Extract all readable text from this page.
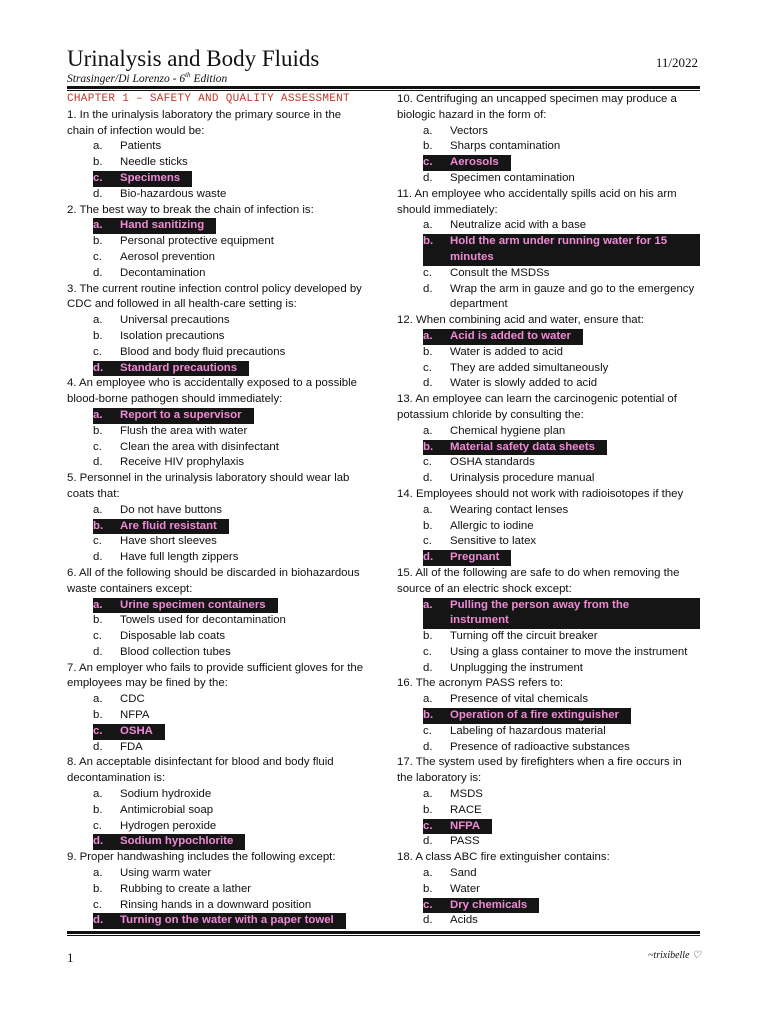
Urinalysis and Body Fluids	11/2022
Strasinger/Di Lorenzo - 6th Edition
CHAPTER 1 – SAFETY AND QUALITY ASSESSMENT
1. In the urinalysis laboratory the primary source in the chain of infection would be:
a.	Patients
b.	Needle sticks
c.	Specimens
d.	Bio-hazardous waste
2. The best way to break the chain of infection is:
a.	Hand sanitizing
b.	Personal protective equipment
c.	Aerosol prevention
d.	Decontamination
3. The current routine infection control policy developed by CDC and followed in all health-care setting is:
a.	Universal precautions
b.	Isolation precautions
c.	Blood and body fluid precautions
d.	Standard precautions
4. An employee who is accidentally exposed to a possible blood-borne pathogen should immediately:
a.	Report to a supervisor
b.	Flush the area with water
c.	Clean the area with disinfectant
d.	Receive HIV prophylaxis
5. Personnel in the urinalysis laboratory should wear lab coats that:
a.	Do not have buttons
b.	Are fluid resistant
c.	Have short sleeves
d.	Have full length zippers
6. All of the following should be discarded in biohazardous waste containers except:
a.	Urine specimen containers
b.	Towels used for decontamination
c.	Disposable lab coats
d.	Blood collection tubes
7. An employer who fails to provide sufficient gloves for the employees may be fined by the:
a.	CDC
b.	NFPA
c.	OSHA
d.	FDA
8. An acceptable disinfectant for blood and body fluid decontamination is:
a.	Sodium hydroxide
b.	Antimicrobial soap
c.	Hydrogen peroxide
d.	Sodium hypochlorite
9. Proper handwashing includes the following except:
a.	Using warm water
b.	Rubbing to create a lather
c.	Rinsing hands in a downward position
d.	Turning on the water with a paper towel
10. Centrifuging an uncapped specimen may produce a biologic hazard in the form of:
a.	Vectors
b.	Sharps contamination
c.	Aerosols
d.	Specimen contamination
11. An employee who accidentally spills acid on his arm should immediately:
a.	Neutralize acid with a base
b.	Hold the arm under running water for 15 minutes
c.	Consult the MSDSs
d.	Wrap the arm in gauze and go to the emergency department
12. When combining acid and water, ensure that:
a.	Acid is added to water
b.	Water is added to acid
c.	They are added simultaneously
d.	Water is slowly added to acid
13. An employee can learn the carcinogenic potential of potassium chloride by consulting the:
a.	Chemical hygiene plan
b.	Material safety data sheets
c.	OSHA standards
d.	Urinalysis procedure manual
14. Employees should not work with radioisotopes if they
a.	Wearing contact lenses
b.	Allergic to iodine
c.	Sensitive to latex
d.	Pregnant
15. All of the following are safe to do when removing the source of an electric shock except:
a.	Pulling the person away from the instrument
b.	Turning off the circuit breaker
c.	Using a glass container to move the instrument
d.	Unplugging the instrument
16. The acronym PASS refers to:
a.	Presence of vital chemicals
b.	Operation of a fire extinguisher
c.	Labeling of hazardous material
d.	Presence of radioactive substances
17. The system used by firefighters when a fire occurs in the laboratory is:
a.	MSDS
b.	RACE
c.	NFPA
d.	PASS
18. A class ABC fire extinguisher contains:
a.	Sand
b.	Water
c.	Dry chemicals
d.	Acids
1	~trixibelle ♡
